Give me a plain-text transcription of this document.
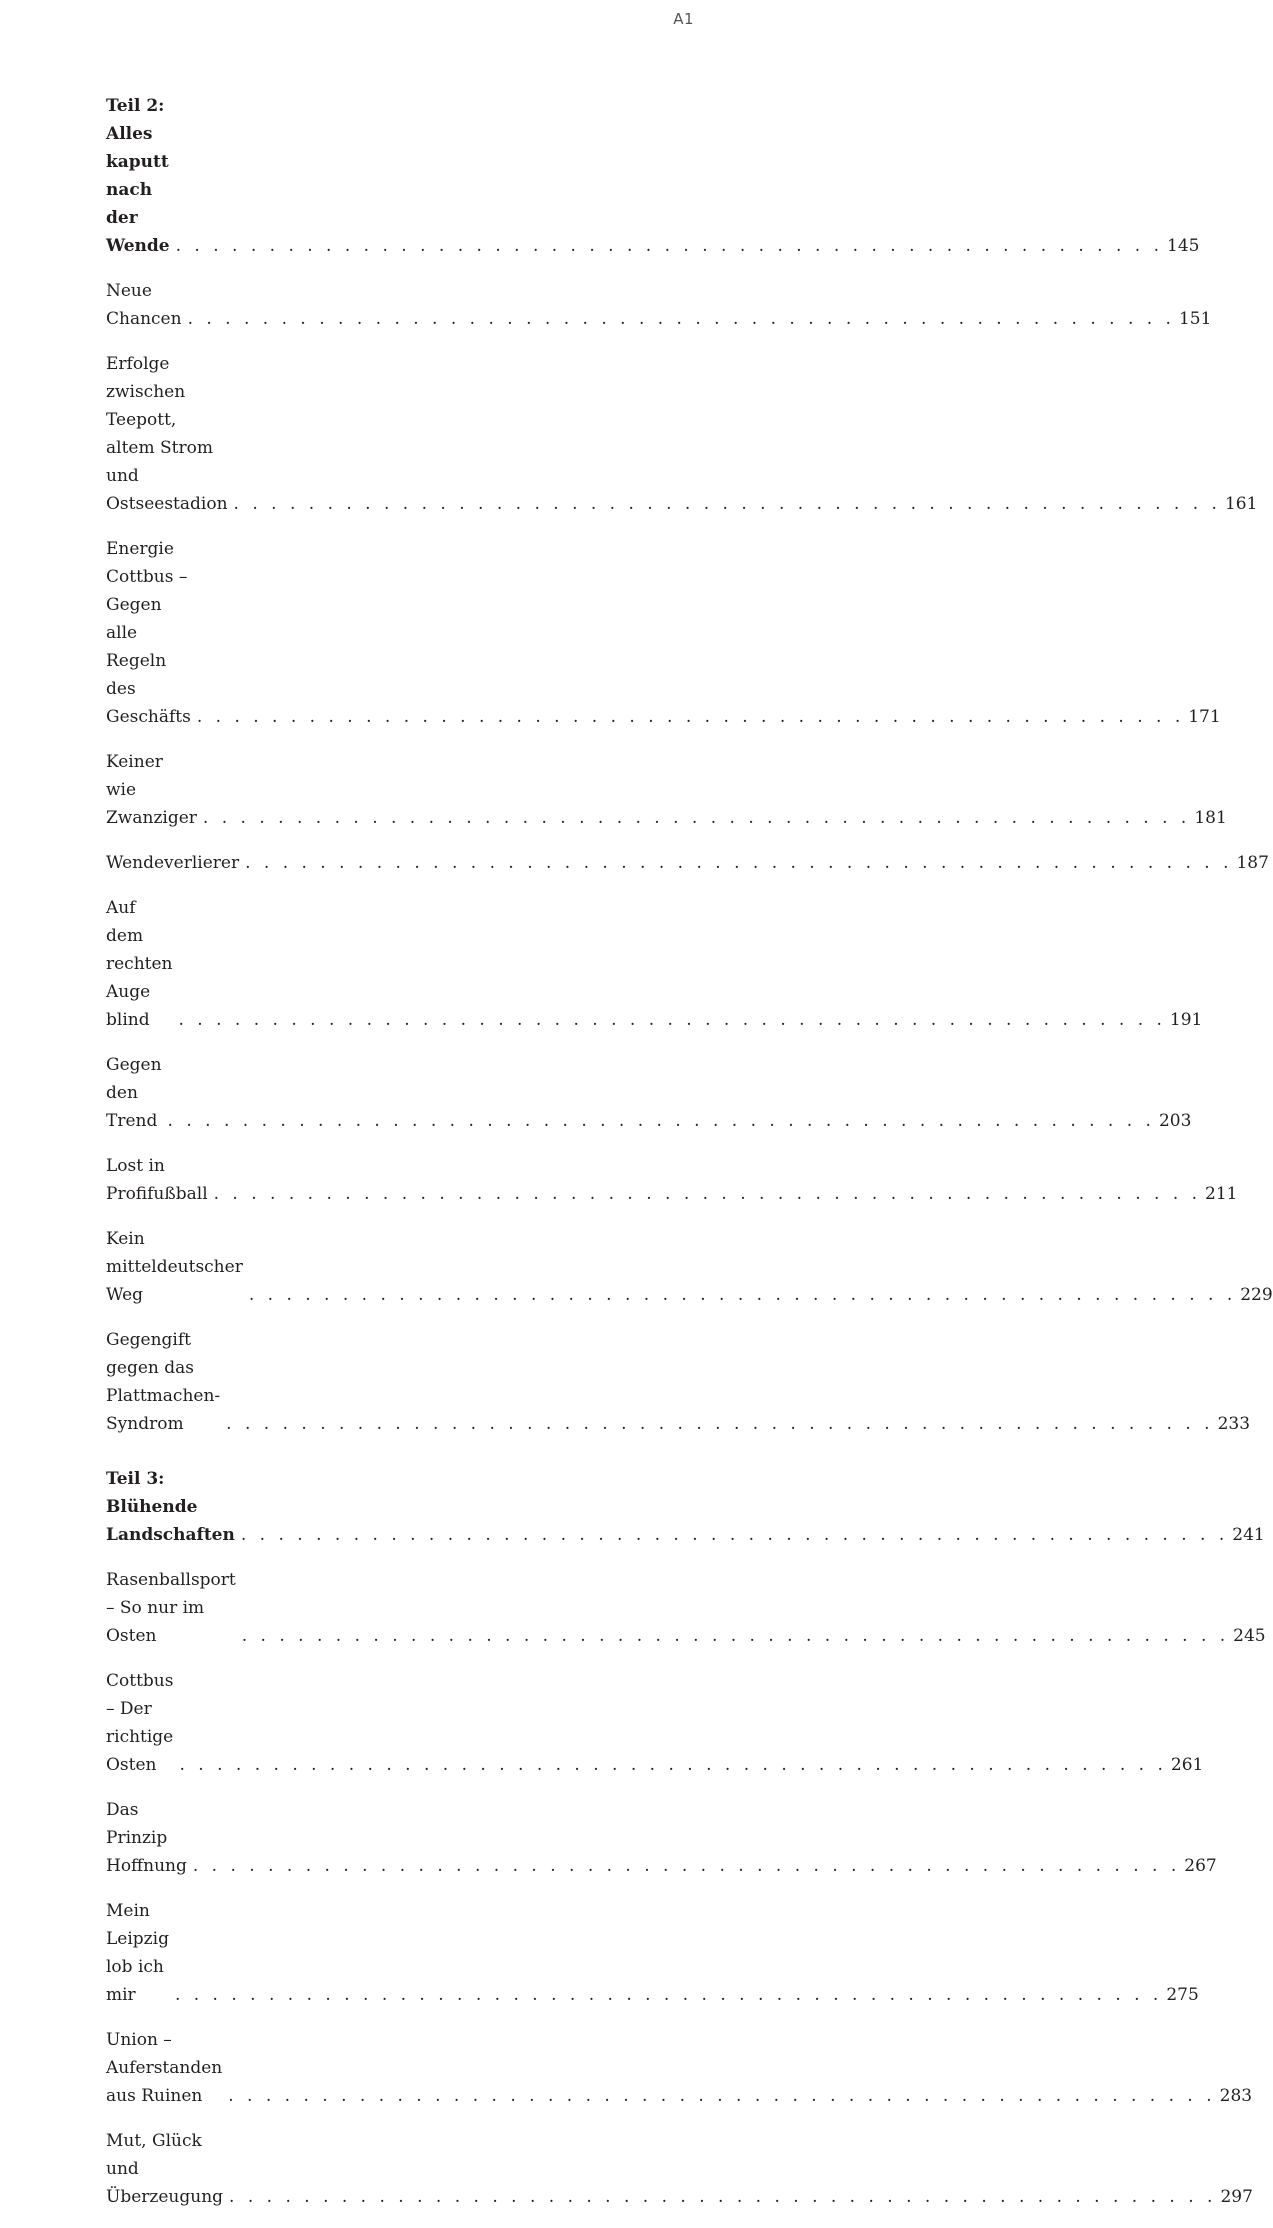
A1
Teil 2: Alles kaputt nach der Wende . . . . . . . . . . . . . . . . . . . . . . . . . . . . . . . . . . . . . . . . . . . . . . . . . . . . . 145
Neue Chancen . . . . . . . . . . . . . . . . . . . . . . . . . . . . . . . . . . . . . . . . . . . . . . . . . . . . . 151
Erfolge zwischen Teepott, altem Strom
und Ostseestadion . . . . . . . . . . . . . . . . . . . . . . . . . . . . . . . . . . . . . . . . . . . . . . . . . . . . . 161
Energie Cottbus – Gegen alle Regeln des Geschäfts . . . . . . . . . . . . . . . . . . . . . . . . . . . . . . . . . . . . . . . . . . . . . . . . . . . . . 171
Keiner wie Zwanziger . . . . . . . . . . . . . . . . . . . . . . . . . . . . . . . . . . . . . . . . . . . . . . . . . . . . . 181
Wendeverlierer . . . . . . . . . . . . . . . . . . . . . . . . . . . . . . . . . . . . . . . . . . . . . . . . . . . . . 187
Auf dem rechten Auge blind	. . . . . . . . . . . . . . . . . . . . . . . . . . . . . . . . . . . . . . . . . . . . . . . . . . . . . 191
Gegen den Trend . . . . . . . . . . . . . . . . . . . . . . . . . . . . . . . . . . . . . . . . . . . . . . . . . . . . . 203
Lost in Profifußball . . . . . . . . . . . . . . . . . . . . . . . . . . . . . . . . . . . . . . . . . . . . . . . . . . . . . 211
Kein mitteldeutscher Weg	. . . . . . . . . . . . . . . . . . . . . . . . . . . . . . . . . . . . . . . . . . . . . . . . . . . . . 229
Gegengift gegen das Plattmachen-Syndrom	. . . . . . . . . . . . . . . . . . . . . . . . . . . . . . . . . . . . . . . . . . . . . . . . . . . . . 233
Teil 3: Blühende Landschaften . . . . . . . . . . . . . . . . . . . . . . . . . . . . . . . . . . . . . . . . . . . . . . . . . . . . . 241
Rasenballsport – So nur im Osten	. . . . . . . . . . . . . . . . . . . . . . . . . . . . . . . . . . . . . . . . . . . . . . . . . . . . . 245
Cottbus – Der richtige Osten	. . . . . . . . . . . . . . . . . . . . . . . . . . . . . . . . . . . . . . . . . . . . . . . . . . . . . 261
Das Prinzip Hoffnung . . . . . . . . . . . . . . . . . . . . . . . . . . . . . . . . . . . . . . . . . . . . . . . . . . . . . 267
Mein Leipzig lob ich mir	. . . . . . . . . . . . . . . . . . . . . . . . . . . . . . . . . . . . . . . . . . . . . . . . . . . . . 275
Union – Auferstanden aus Ruinen	. . . . . . . . . . . . . . . . . . . . . . . . . . . . . . . . . . . . . . . . . . . . . . . . . . . . . 283
Mut, Glück und Überzeugung . . . . . . . . . . . . . . . . . . . . . . . . . . . . . . . . . . . . . . . . . . . . . . . . . . . . . 297
